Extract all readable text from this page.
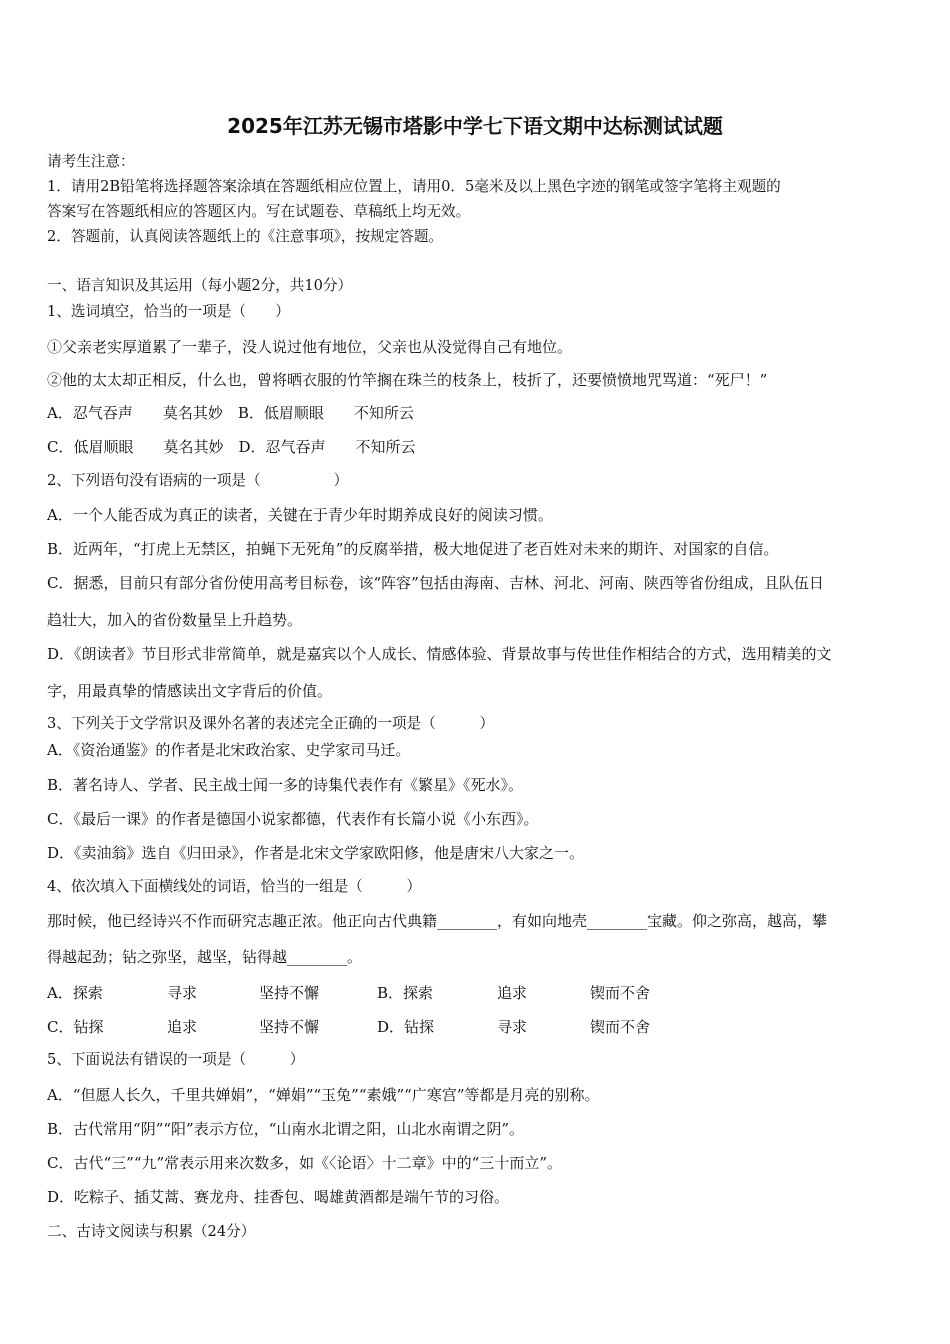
2025年江苏无锡市塔影中学七下语文期中达标测试试题
请考生注意：
1．请用2B铅笔将选择题答案涂填在答题纸相应位置上，请用0．5毫米及以上黑色字迹的钢笔或签字笔将主观题的
答案写在答题纸相应的答题区内。写在试题卷、草稿纸上均无效。
2．答题前，认真阅读答题纸上的《注意事项》，按规定答题。
一、语言知识及其运用（每小题2分，共10分）
1、选词填空，恰当的一项是（　　）
①父亲老实厚道累了一辈子，没人说过他有地位，父亲也从没觉得自己有地位。
②他的太太却正相反，什么也，曾将晒衣服的竹竿搁在珠兰的枝条上，枝折了，还要愤愤地咒骂道：“死尸！”
A．忍气吞声　　莫名其妙　B．低眉顺眼　　不知所云
C．低眉顺眼　　莫名其妙　D．忍气吞声　　不知所云
2、下列语句没有语病的一项是（　　　　　）
A．一个人能否成为真正的读者，关键在于青少年时期养成良好的阅读习惯。
B．近两年，“打虎上无禁区，拍蝇下无死角”的反腐举措，极大地促进了老百姓对未来的期许、对国家的自信。
C．据悉，目前只有部分省份使用高考目标卷，该“阵容”包括由海南、吉林、河北、河南、陕西等省份组成，且队伍日
趋壮大，加入的省份数量呈上升趋势。
D．《朗读者》节目形式非常简单，就是嘉宾以个人成长、情感体验、背景故事与传世佳作相结合的方式，选用精美的文
字，用最真挚的情感读出文字背后的价值。
3、下列关于文学常识及课外名著的表述完全正确的一项是（　　　）
A．《资治通鉴》的作者是北宋政治家、史学家司马迁。
B．著名诗人、学者、民主战士闻一多的诗集代表作有《繁星》《死水》。
C．《最后一课》的作者是德国小说家都德，代表作有长篇小说《小东西》。
D．《卖油翁》选自《归田录》，作者是北宋文学家欧阳修，他是唐宋八大家之一。
4、依次填入下面横线处的词语，恰当的一组是（　　　）
那时候，他已经诗兴不作而研究志趣正浓。他正向古代典籍________，有如向地壳________宝藏。仰之弥高，越高，攀
得越起劲；钻之弥坚，越坚，钻得越________。
A．探索	寻求	坚持不懈	B．探索	追求	锲而不舍
C．钻探	追求	坚持不懈	D．钻探	寻求	锲而不舍
5、下面说法有错误的一项是（　　　）
A．“但愿人长久，千里共婵娟”，“婵娟”“玉兔”“素娥”“广寒宫”等都是月亮的别称。
B．古代常用“阴”“阳”表示方位，“山南水北谓之阳，山北水南谓之阴”。
C．古代“三”“九”常表示用来次数多，如《〈论语〉十二章》中的“三十而立”。
D．吃粽子、插艾蒿、赛龙舟、挂香包、喝雄黄酒都是端午节的习俗。
二、古诗文阅读与积累（24分）
